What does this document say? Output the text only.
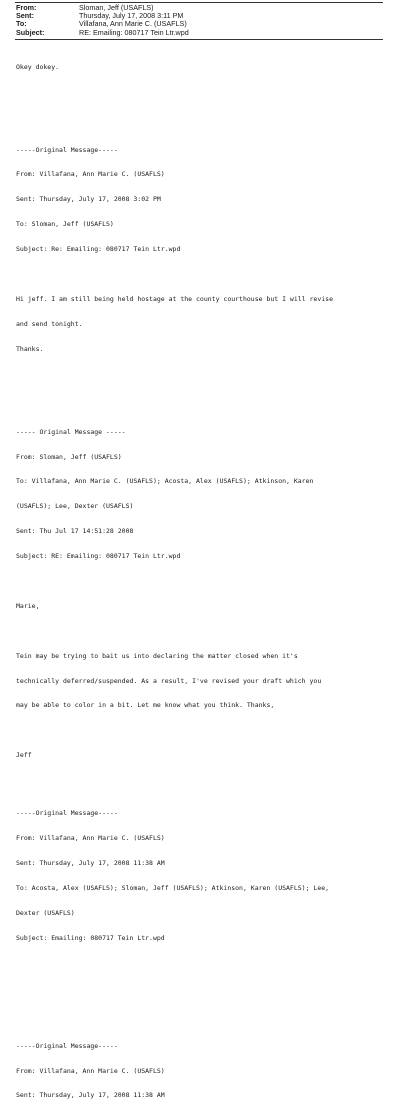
From:	Sloman, Jeff (USAFLS)
Sent:	Thursday, July 17, 2008 3:11 PM
To:	Villafana, Ann Marie C. (USAFLS)
Subject:	RE: Emailing: 080717 Tein Ltr.wpd

Okey dokey.

-----Original Message-----

From: Villafana, Ann Marie C. (USAFLS)

Sent: Thursday, July 17, 2008 3:02 PM

To: Sloman, Jeff (USAFLS)

Subject: Re: Emailing: 080717 Tein Ltr.wpd

Hi jeff. I am still being held hostage at the county courthouse but I will revise

and send tonight.

Thanks.

----- Original Message -----

From: Sloman, Jeff (USAFLS)

To: Villafana, Ann Marie C. (USAFLS); Acosta, Alex (USAFLS); Atkinson, Karen

(USAFLS); Lee, Dexter (USAFLS)

Sent: Thu Jul 17 14:51:28 2008

Subject: RE: Emailing: 080717 Tein Ltr.wpd

Marie,

Tein may be trying to bait us into declaring the matter closed when it's

technically deferred/suspended. As a result, I've revised your draft which you

may be able to color in a bit. Let me know what you think. Thanks,

Jeff

-----Original Message-----

From: Villafana, Ann Marie C. (USAFLS)

Sent: Thursday, July 17, 2008 11:38 AM

To: Acosta, Alex (USAFLS); Sloman, Jeff (USAFLS); Atkinson, Karen (USAFLS); Lee,

Dexter (USAFLS)

Subject: Emailing: 080717 Tein Ltr.wpd

-----Original Message-----

From: Villafana, Ann Marie C. (USAFLS)

Sent: Thursday, July 17, 2008 11:38 AM
